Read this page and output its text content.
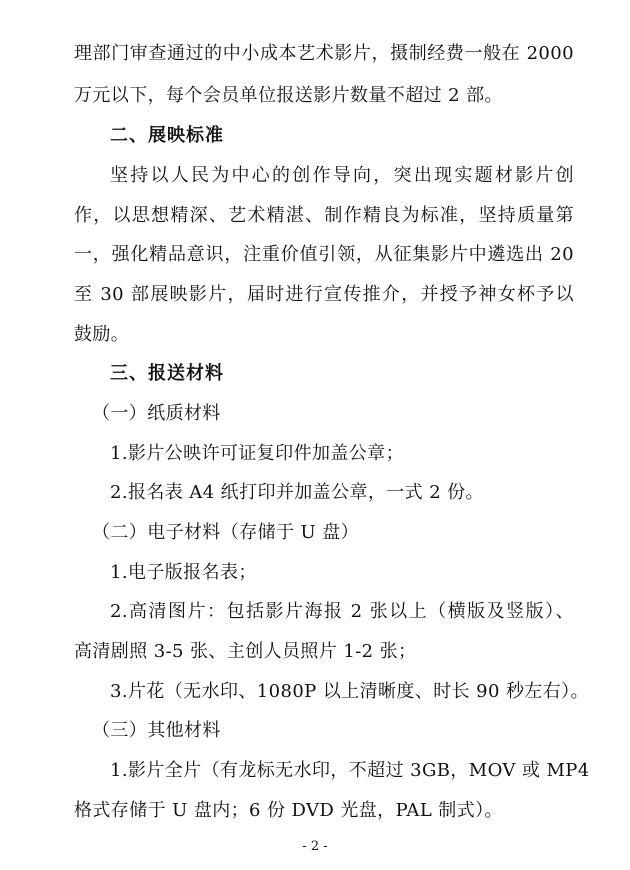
理部门审查通过的中小成本艺术影片，摄制经费一般在 2000
万元以下，每个会员单位报送影片数量不超过 2 部。
二、展映标准
坚持以人民为中心的创作导向，突出现实题材影片创
作，以思想精深、艺术精湛、制作精良为标准，坚持质量第
一，强化精品意识，注重价值引领，从征集影片中遴选出 20
至 30 部展映影片，届时进行宣传推介，并授予神女杯予以
鼓励。
三、报送材料
（一）纸质材料
1.影片公映许可证复印件加盖公章；
2.报名表 A4 纸打印并加盖公章，一式 2 份。
（二）电子材料（存储于 U 盘）
1.电子版报名表；
2.高清图片：包括影片海报 2 张以上（横版及竖版）、
高清剧照 3-5 张、主创人员照片 1-2 张；
3.片花（无水印、1080P 以上清晰度、时长 90 秒左右）。
（三）其他材料
1.影片全片（有龙标无水印，不超过 3GB，MOV 或 MP4
格式存储于 U 盘内；6 份 DVD 光盘，PAL 制式）。
- 2 -
